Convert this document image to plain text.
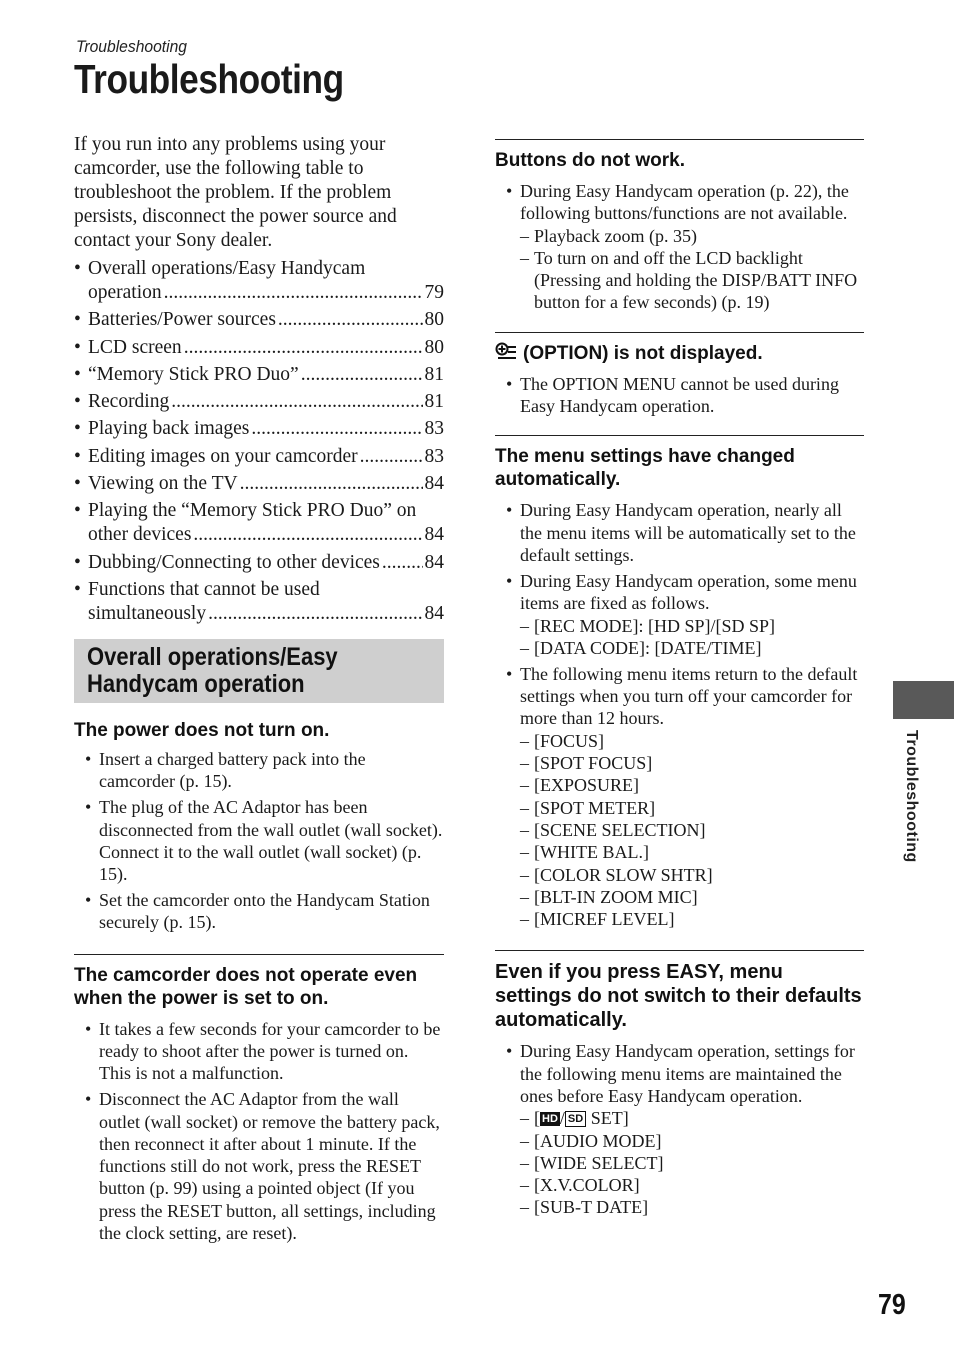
Troubleshooting
Troubleshooting

If you run into any problems using your camcorder, use the following table to troubleshoot the problem. If the problem persists, disconnect the power source and contact your Sony dealer.

• Overall operations/Easy Handycam
operation .....	79
• Batteries/Power sources .....	80
• LCD screen .....	80
• “Memory Stick PRO Duo” .....	81
• Recording .....	81
• Playing back images .....	83
• Editing images on your camcorder .....	83
• Viewing on the TV .....	84
• Playing the “Memory Stick PRO Duo” on
other devices .....	84
• Dubbing/Connecting to other devices ..... 84
• Functions that cannot be used
simultaneously .....	84
Overall operations/Easy
Handycam operation
The power does not turn on.
• Insert a charged battery pack into the camcorder (p. 15).
• The plug of the AC Adaptor has been disconnected from the wall outlet (wall socket). Connect it to the wall outlet (wall socket) (p. 15).
• Set the camcorder onto the Handycam Station securely (p. 15).
The camcorder does not operate even when the power is set to on.
• It takes a few seconds for your camcorder to be ready to shoot after the power is turned on. This is not a malfunction.
• Disconnect the AC Adaptor from the wall outlet (wall socket) or remove the battery pack, then reconnect it after about 1 minute. If the functions still do not work, press the RESET button (p. 99) using a pointed object (If you press the RESET button, all settings, including the clock setting, are reset).
Buttons do not work.
• During Easy Handycam operation (p. 22), the following buttons/functions are not available.
– Playback zoom (p. 35)
– To turn on and off the LCD backlight (Pressing and holding the DISP/BATT INFO button for a few seconds) (p. 19)
(OPTION) is not displayed.
• The OPTION MENU cannot be used during Easy Handycam operation.
The menu settings have changed automatically.
• During Easy Handycam operation, nearly all the menu items will be automatically set to the default settings.
• During Easy Handycam operation, some menu items are fixed as follows.
– [REC MODE]: [HD SP]/[SD SP]
– [DATA CODE]: [DATE/TIME]
• The following menu items return to the default settings when you turn off your camcorder for more than 12 hours.
– [FOCUS]
– [SPOT FOCUS]
– [EXPOSURE]
– [SPOT METER]
– [SCENE SELECTION]
– [WHITE BAL.]
– [COLOR SLOW SHTR]
– [BLT-IN ZOOM MIC]
– [MICREF LEVEL]
Even if you press EASY, menu settings do not switch to their defaults automatically.
• During Easy Handycam operation, settings for the following menu items are maintained the ones before Easy Handycam operation.
– [ HD / SD SET]
– [AUDIO MODE]
– [WIDE SELECT]
– [X.V.COLOR]
– [SUB-T DATE]
Troubleshooting
79
